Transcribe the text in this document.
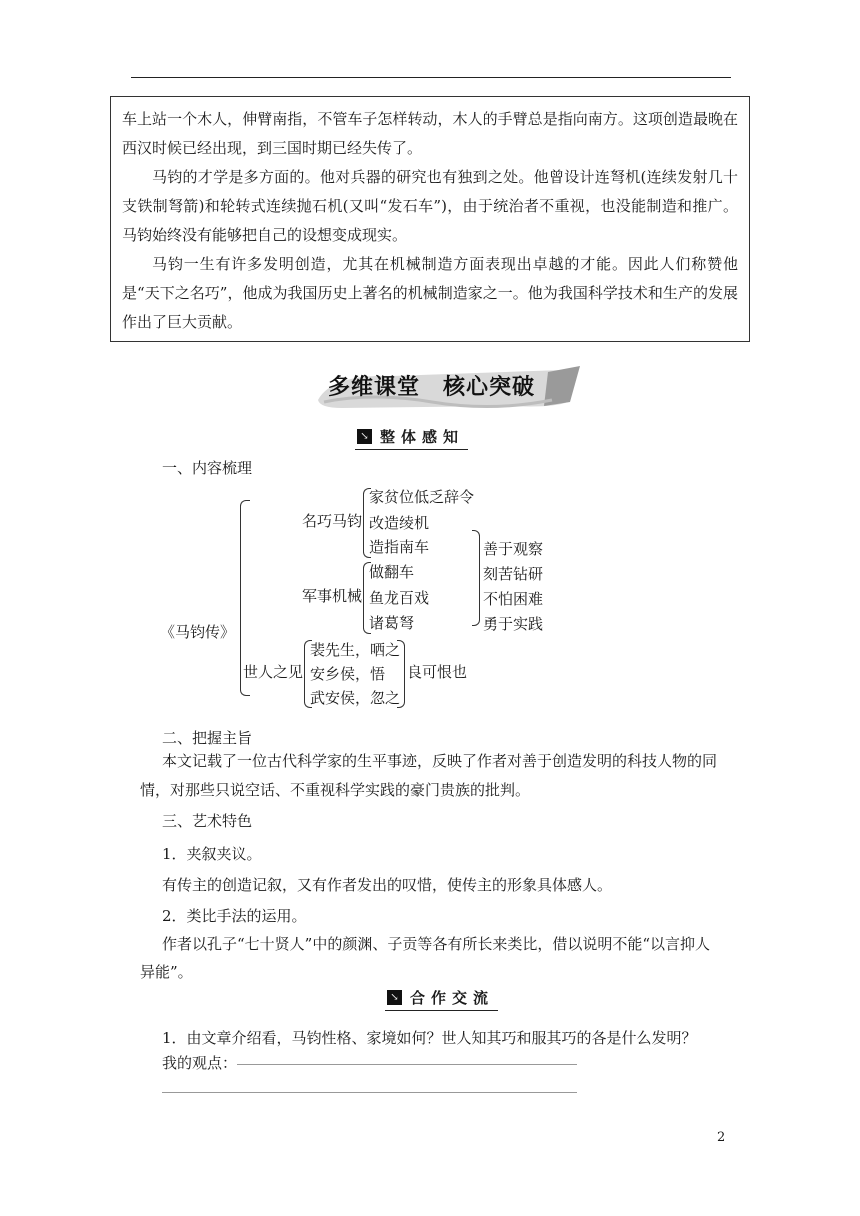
车上站一个木人，伸臂南指，不管车子怎样转动，木人的手臂总是指向南方。这项创造最晚在西汉时候已经出现，到三国时期已经失传了。

马钧的才学是多方面的。他对兵器的研究也有独到之处。他曾设计连弩机(连续发射几十支铁制弩箭)和轮转式连续抛石机(又叫“发石车”)，由于统治者不重视，也没能制造和推广。马钧始终没有能够把自己的设想变成现实。

马钧一生有许多发明创造，尤其在机械制造方面表现出卓越的才能。因此人们称赞他是“天下之名巧”，他成为我国历史上著名的机械制造家之一。他为我国科学技术和生产的发展作出了巨大贡献。

多维课堂　核心突破
↘ 整体感知
一、内容梳理
《马钧传》
名巧马钧
家贫位低乏辞令
改造绫机
造指南车
军事机械
做翻车
鱼龙百戏
诸葛弩
善于观察
刻苦钻研
不怕困难
勇于实践
世人之见
裴先生，哂之
安乡侯，悟
武安侯，忽之
良可恨也
二、把握主旨
本文记载了一位古代科学家的生平事迹，反映了作者对善于创造发明的科技人物的同
情，对那些只说空话、不重视科学实践的豪门贵族的批判。
三、艺术特色
1．夹叙夹议。
有传主的创造记叙，又有作者发出的叹惜，使传主的形象具体感人。
2．类比手法的运用。
作者以孔子“七十贤人”中的颜渊、子贡等各有所长来类比，借以说明不能“以言抑人
异能”。
↘ 合作交流
1．由文章介绍看，马钧性格、家境如何？世人知其巧和服其巧的各是什么发明？
我的观点：
2
